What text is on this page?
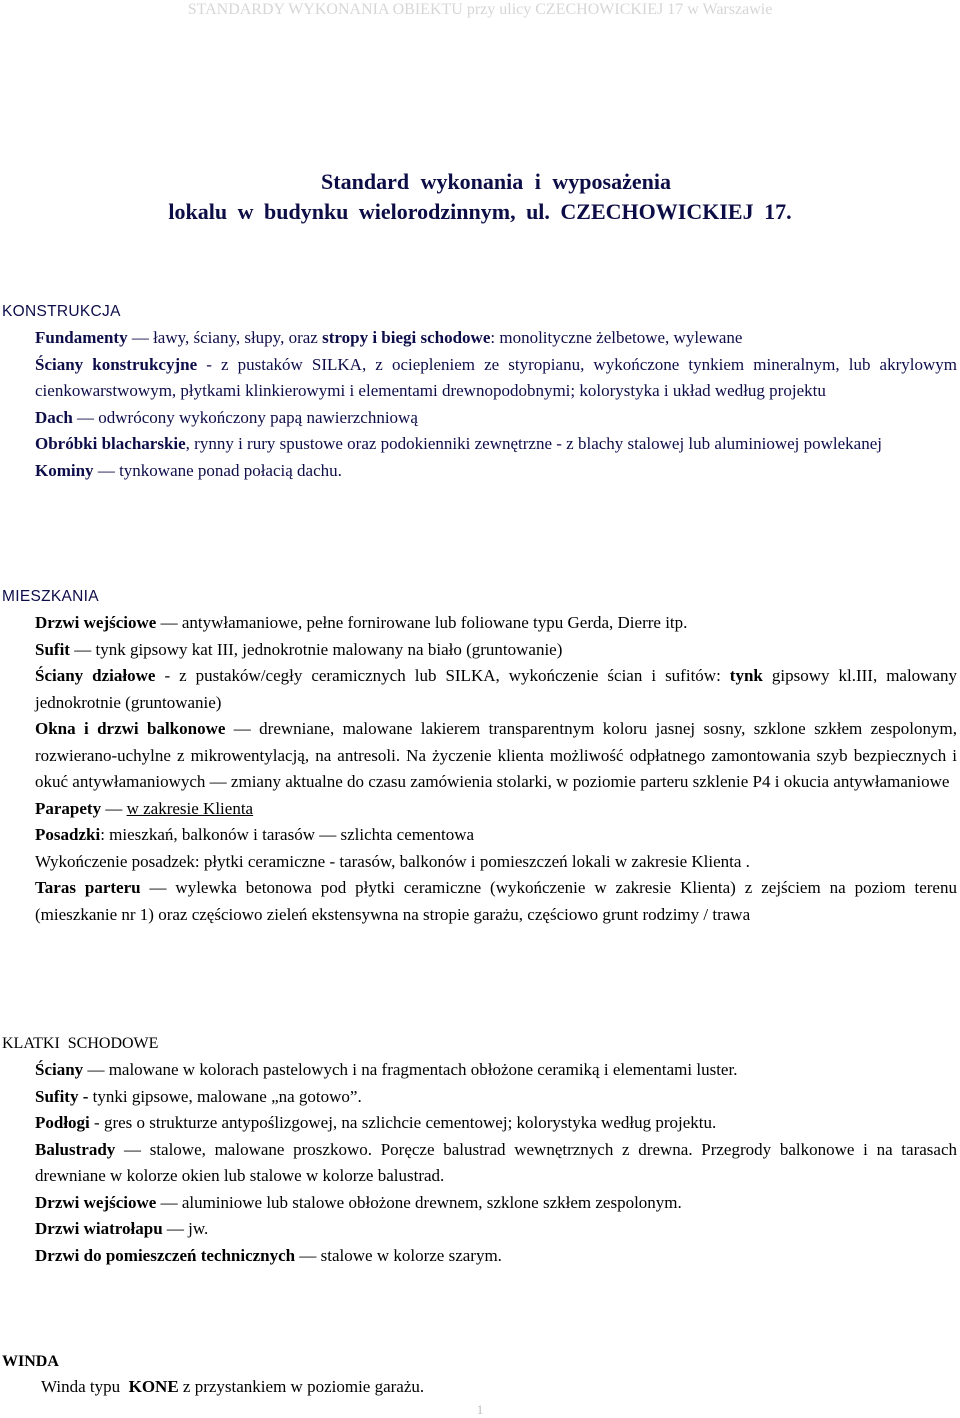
STANDARDY WYKONANIA OBIEKTU przy ulicy CZECHOWICKIEJ 17 w Warszawie
Standard wykonania i wyposażenia
lokalu w budynku wielorodzinnym, ul. CZECHOWICKIEJ 17.
KONSTRUKCJA

Fundamenty — ławy, ściany, słupy, oraz stropy i biegi schodowe: monolityczne żelbetowe, wylewane

Ściany konstrukcyjne - z pustaków SILKA, z ociepleniem ze styropianu, wykończone tynkiem mineralnym, lub akrylowym cienkowarstwowym, płytkami klinkierowymi i elementami drewnopodobnymi; kolorystyka i układ według projektu

Dach — odwrócony wykończony papą nawierzchniową

Obróbki blacharskie, rynny i rury spustowe oraz podokienniki zewnętrzne - z blachy stalowej lub aluminiowej powlekanej

Kominy — tynkowane ponad połacią dachu.

MIESZKANIA

Drzwi wejściowe — antywłamaniowe, pełne fornirowane lub foliowane typu Gerda, Dierre itp.

Sufit — tynk gipsowy kat III, jednokrotnie malowany na biało (gruntowanie)

Ściany działowe - z pustaków/cegły ceramicznych lub SILKA, wykończenie ścian i sufitów: tynk gipsowy kl.III, malowany jednokrotnie (gruntowanie)

Okna i drzwi balkonowe — drewniane, malowane lakierem transparentnym koloru jasnej sosny, szklone szkłem zespolonym, rozwierano-uchylne z mikrowentylacją, na antresoli. Na życzenie klienta możliwość odpłatnego zamontowania szyb bezpiecznych i okuć antywłamaniowych — zmiany aktualne do czasu zamówienia stolarki, w poziomie parteru szklenie P4 i okucia antywłamaniowe

Parapety — w zakresie Klienta

Posadzki: mieszkań, balkonów i tarasów — szlichta cementowa

Wykończenie posadzek: płytki ceramiczne - tarasów, balkonów i pomieszczeń lokali w zakresie Klienta .

Taras parteru — wylewka betonowa pod płytki ceramiczne (wykończenie w zakresie Klienta) z zejściem na poziom terenu (mieszkanie nr 1) oraz częściowo zieleń ekstensywna na stropie garażu, częściowo grunt rodzimy / trawa

KLATKI  SCHODOWE

Ściany — malowane w kolorach pastelowych i na fragmentach obłożone ceramiką i elementami luster.

Sufity - tynki gipsowe, malowane „na gotowo”.

Podłogi - gres o strukturze antypoślizgowej, na szlichcie cementowej; kolorystyka według projektu.

Balustrady — stalowe, malowane proszkowo. Poręcze balustrad wewnętrznych z drewna. Przegrody balkonowe i na tarasach drewniane w kolorze okien lub stalowe w kolorze balustrad.

Drzwi wejściowe — aluminiowe lub stalowe obłożone drewnem, szklone szkłem zespolonym.

Drzwi wiatrołapu — jw.

Drzwi do pomieszczeń technicznych — stalowe w kolorze szarym.

WINDA

Winda typu  KONE z przystankiem w poziomie garażu.

1
